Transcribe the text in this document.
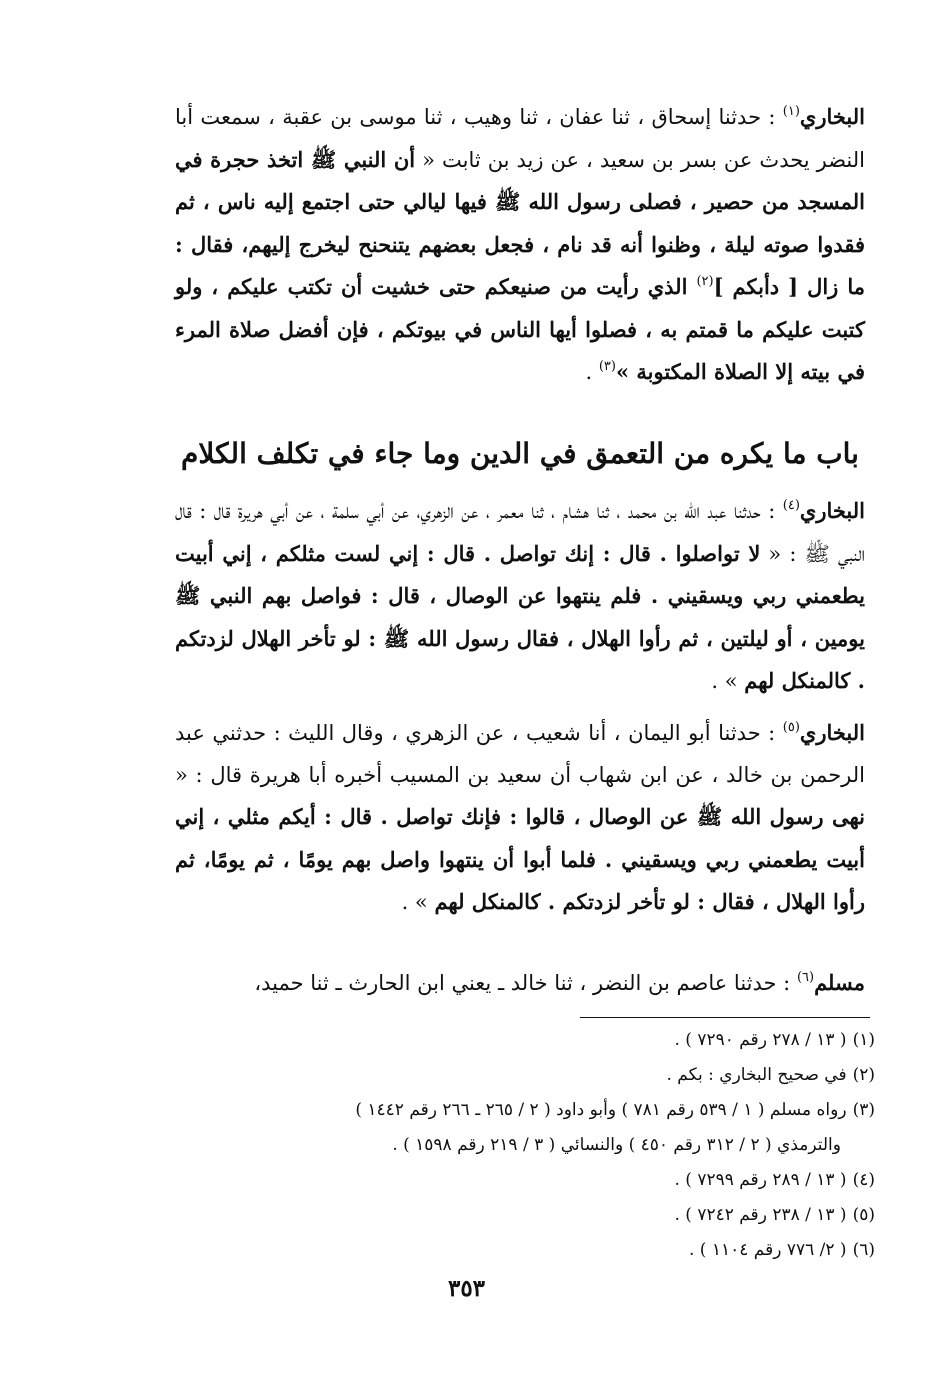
البخاري$^{(١)}$ : حدثنا إسحاق ، ثنا عفان ، ثنا وهيب ، ثنا موسى بن عقبة ، سمعت أبا النضر يحدث عن بسر بن سعيد ، عن زيد بن ثابت « أن النبي ﷺ اتخذ حجرة في المسجد من حصير ، فصلى رسول الله ﷺ فيها ليالي حتى اجتمع إليه ناس ، ثم فقدوا صوته ليلة ، وظنوا أنه قد نام ، فجعل بعضهم يتنحنح ليخرج إليهم، فقال : ما زال [ دأبكم ]$^{(٢)}$ الذي رأيت من صنيعكم حتى خشيت أن تكتب عليكم ، ولو كتبت عليكم ما قمتم به ، فصلوا أيها الناس في بيوتكم ، فإن أفضل صلاة المرء في بيته إلا الصلاة المكتوبة »$^{(٣)}$ .
باب ما يكره من التعمق في الدين وما جاء في تكلف الكلام
البخاري$^{(٤)}$ : حدثنا عبد الله بن محمد ، ثنا هشام ، ثنا معمر ، عن الزهري، عن أبي سلمة ، عن أبي هريرة قال : قال النبي ﷺ : « لا تواصلوا . قال : إنك تواصل . قال : إني لست مثلكم ، إني أبيت يطعمني ربي ويسقيني . فلم ينتهوا عن الوصال ، قال : فواصل بهم النبي ﷺ يومين ، أو ليلتين ، ثم رأوا الهلال ، فقال رسول الله ﷺ : لو تأخر الهلال لزدتكم . كالمنكل لهم » .
البخاري$^{(٥)}$ : حدثنا أبو اليمان ، أنا شعيب ، عن الزهري ، وقال الليث : حدثني عبد الرحمن بن خالد ، عن ابن شهاب أن سعيد بن المسيب أخبره أبا هريرة قال : « نهى رسول الله ﷺ عن الوصال ، قالوا : فإنك تواصل . قال : أيكم مثلي ، إني أبيت يطعمني ربي ويسقيني . فلما أبوا أن ينتهوا واصل بهم يومًا ، ثم يومًا، ثم رأوا الهلال ، فقال : لو تأخر لزدتكم . كالمنكل لهم » .
مسلم$^{(٦)}$ : حدثنا عاصم بن النضر ، ثنا خالد ـ يعني ابن الحارث ـ ثنا حميد،
(١)( ١٣ / ٢٧٨ رقم ٧٢٩٠ ) .
(٢)في صحيح البخاري : بكم .
(٣)رواه مسلم ( ١ / ٥٣٩ رقم ٧٨١ ) وأبو داود ( ٢ / ٢٦٥ ـ ٢٦٦ رقم ١٤٤٢ )
والترمذي ( ٢ / ٣١٢ رقم ٤٥٠ ) والنسائي ( ٣ / ٢١٩ رقم ١٥٩٨ ) .
(٤)( ١٣ / ٢٨٩ رقم ٧٢٩٩ ) .
(٥)( ١٣ / ٢٣٨ رقم ٧٢٤٢ ) .
(٦)( ٢/ ٧٧٦ رقم ١١٠٤ ) .
٣٥٣
